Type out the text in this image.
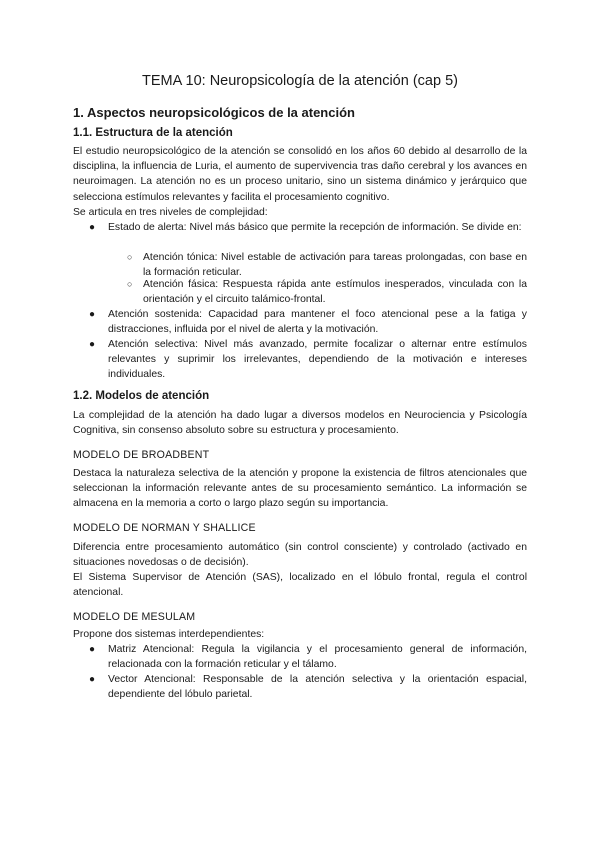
TEMA 10: Neuropsicología de la atención (cap 5)
1. Aspectos neuropsicológicos de la atención
1.1. Estructura de la atención

El estudio neuropsicológico de la atención se consolidó en los años 60 debido al desarrollo de la disciplina, la influencia de Luria, el aumento de supervivencia tras daño cerebral y los avances en neuroimagen. La atención no es un proceso unitario, sino un sistema dinámico y jerárquico que selecciona estímulos relevantes y facilita el procesamiento cognitivo.

Se articula en tres niveles de complejidad:

● Estado de alerta: Nivel más básico que permite la recepción de información. Se divide en:

○ Atención tónica: Nivel estable de activación para tareas prolongadas, con base en la formación reticular.

○ Atención fásica: Respuesta rápida ante estímulos inesperados, vinculada con la orientación y el circuito talámico-frontal.

● Atención sostenida: Capacidad para mantener el foco atencional pese a la fatiga y distracciones, influida por el nivel de alerta y la motivación.

● Atención selectiva: Nivel más avanzado, permite focalizar o alternar entre estímulos relevantes y suprimir los irrelevantes, dependiendo de la motivación e intereses individuales.

1.2. Modelos de atención

La complejidad de la atención ha dado lugar a diversos modelos en Neurociencia y Psicología Cognitiva, sin consenso absoluto sobre su estructura y procesamiento.

MODELO DE BROADBENT

Destaca la naturaleza selectiva de la atención y propone la existencia de filtros atencionales que seleccionan la información relevante antes de su procesamiento semántico. La información se almacena en la memoria a corto o largo plazo según su importancia.

MODELO DE NORMAN Y SHALLICE

Diferencia entre procesamiento automático (sin control consciente) y controlado (activado en situaciones novedosas o de decisión).

El Sistema Supervisor de Atención (SAS), localizado en el lóbulo frontal, regula el control atencional.

MODELO DE MESULAM

Propone dos sistemas interdependientes:

● Matriz Atencional: Regula la vigilancia y el procesamiento general de información, relacionada con la formación reticular y el tálamo.

● Vector Atencional: Responsable de la atención selectiva y la orientación espacial, dependiente del lóbulo parietal.
